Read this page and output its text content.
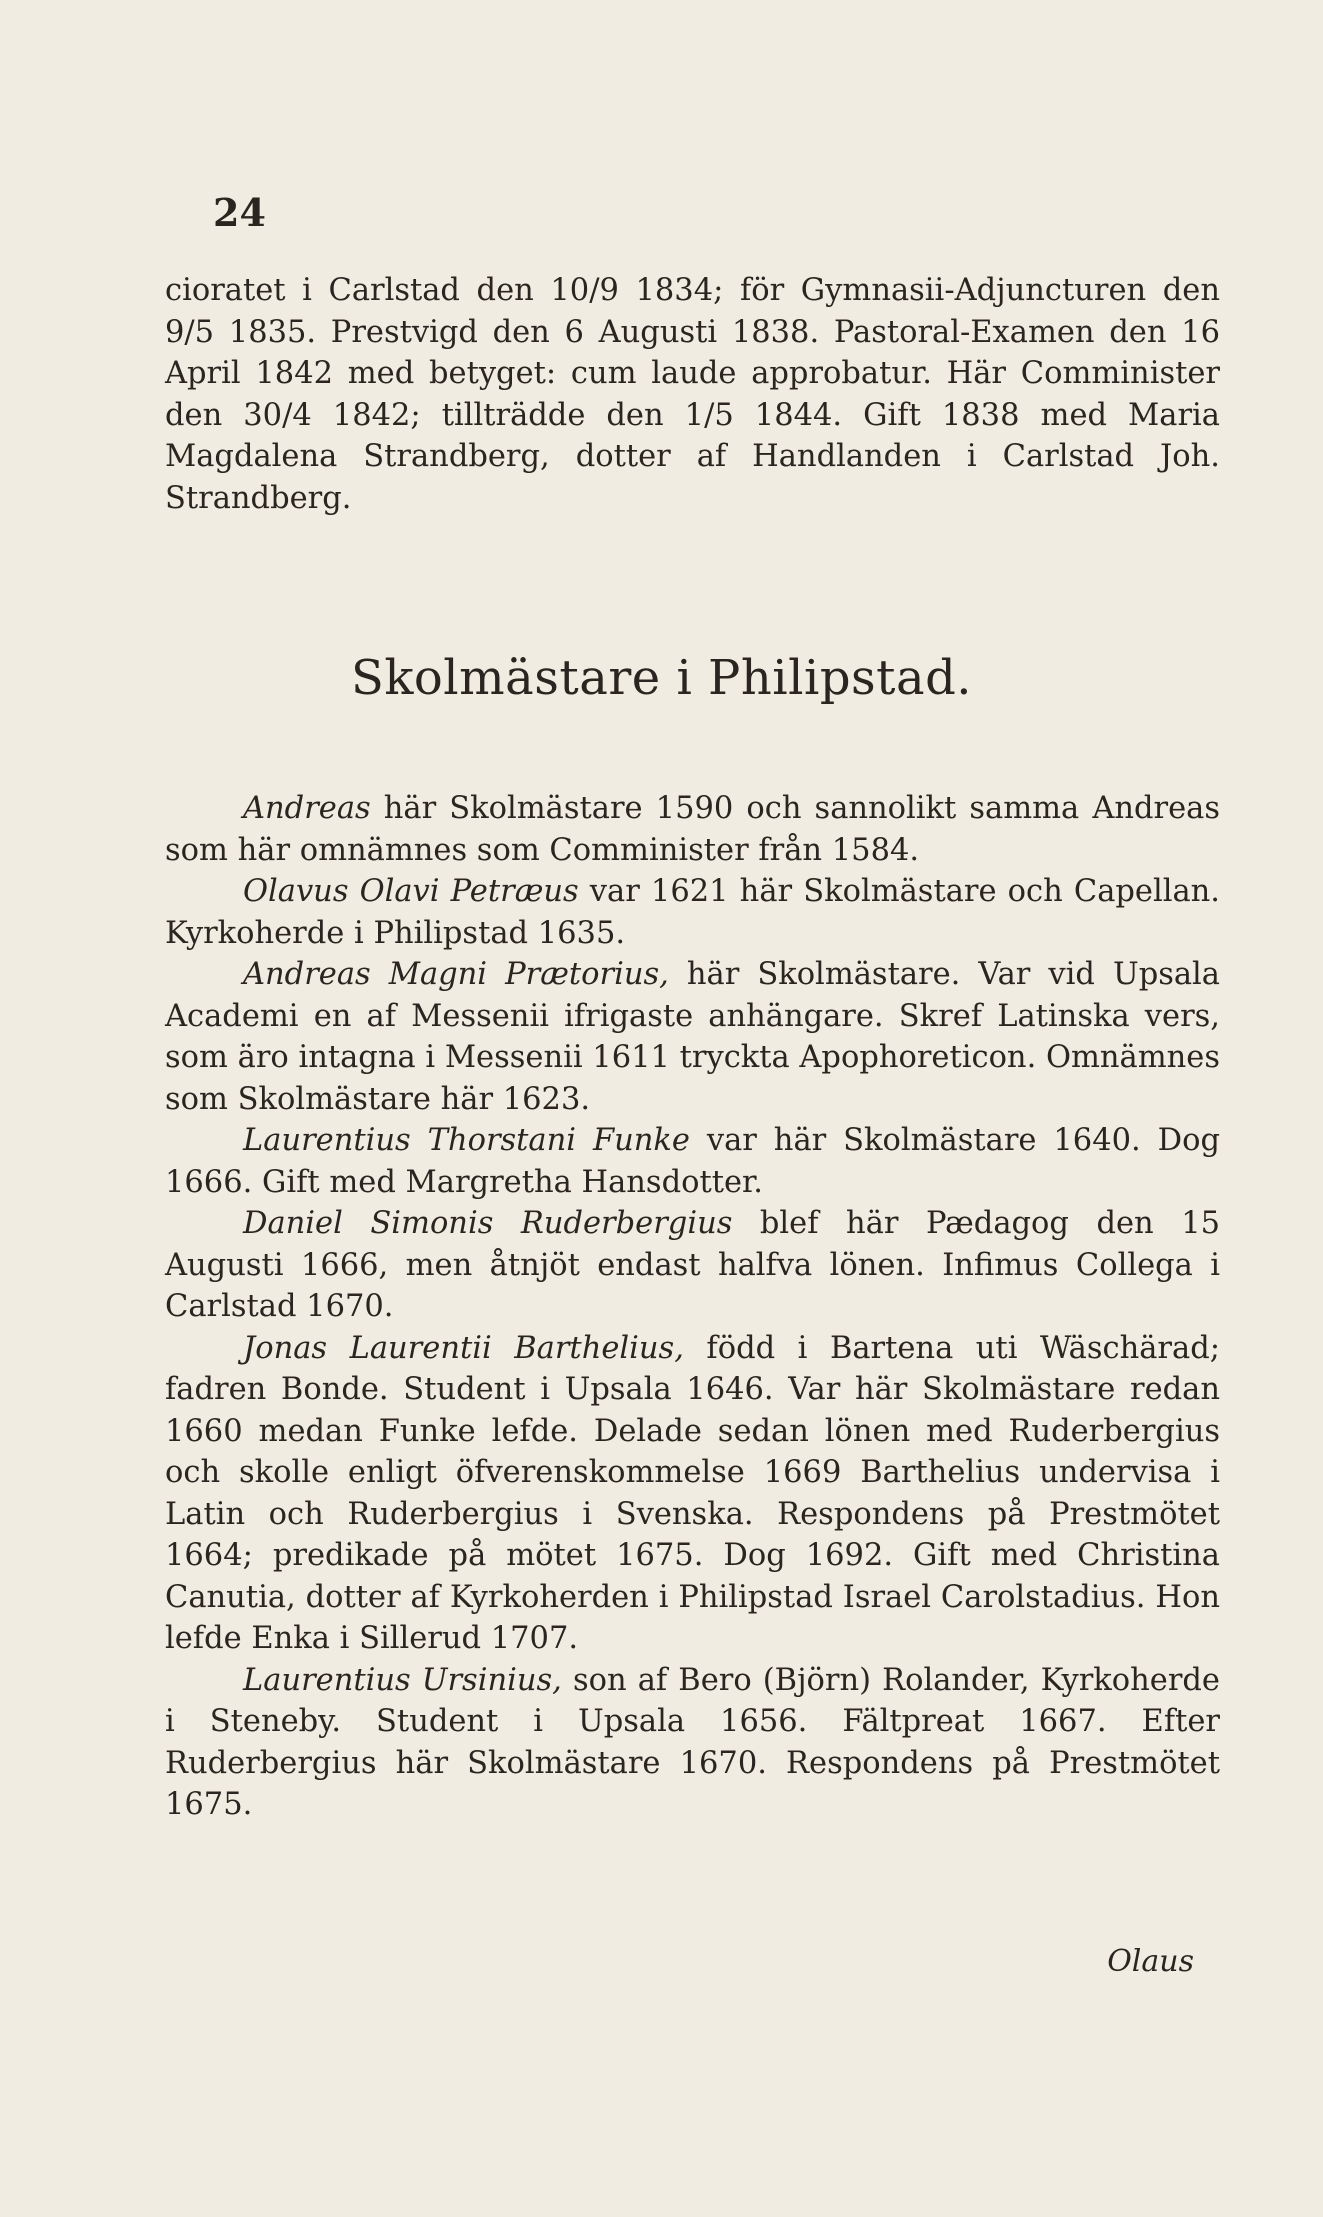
24

cioratet i Carlstad den 10/9 1834; för Gymnasii-Adjuncturen den 9/5 1835. Prestvigd den 6 Augusti 1838. Pastoral-Examen den 16 April 1842 med betyget: cum laude approbatur. Här Comminister den 30/4 1842; tillträdde den 1/5 1844. Gift 1838 med Maria Magdalena Strandberg, dotter af Handlanden i Carlstad Joh. Strandberg.

Skolmästare i Philipstad.

Andreas här Skolmästare 1590 och sannolikt samma Andreas som här omnämnes som Comminister från 1584.

Olavus Olavi Petræus var 1621 här Skolmästare och Capellan. Kyrkoherde i Philipstad 1635.

Andreas Magni Prætorius, här Skolmästare. Var vid Upsala Academi en af Messenii ifrigaste anhängare. Skref Latinska vers, som äro intagna i Messenii 1611 tryckta Apophoreticon. Omnämnes som Skolmästare här 1623.

Laurentius Thorstani Funke var här Skolmästare 1640. Dog 1666. Gift med Margretha Hansdotter.

Daniel Simonis Ruderbergius blef här Pædagog den 15 Augusti 1666, men åtnjöt endast halfva lönen. Infimus Collega i Carlstad 1670.

Jonas Laurentii Barthelius, född i Bartena uti Wäschärad; fadren Bonde. Student i Upsala 1646. Var här Skolmästare redan 1660 medan Funke lefde. Delade sedan lönen med Ruderbergius och skolle enligt öfverenskommelse 1669 Barthelius undervisa i Latin och Ruderbergius i Svenska. Respondens på Prestmötet 1664; predikade på mötet 1675. Dog 1692. Gift med Christina Canutia, dotter af Kyrkoherden i Philipstad Israel Carolstadius. Hon lefde Enka i Sillerud 1707.

Laurentius Ursinius, son af Bero (Björn) Rolander, Kyrkoherde i Steneby. Student i Upsala 1656. Fältpreat 1667. Efter Ruderbergius här Skolmästare 1670. Respondens på Prestmötet 1675.

Olaus
